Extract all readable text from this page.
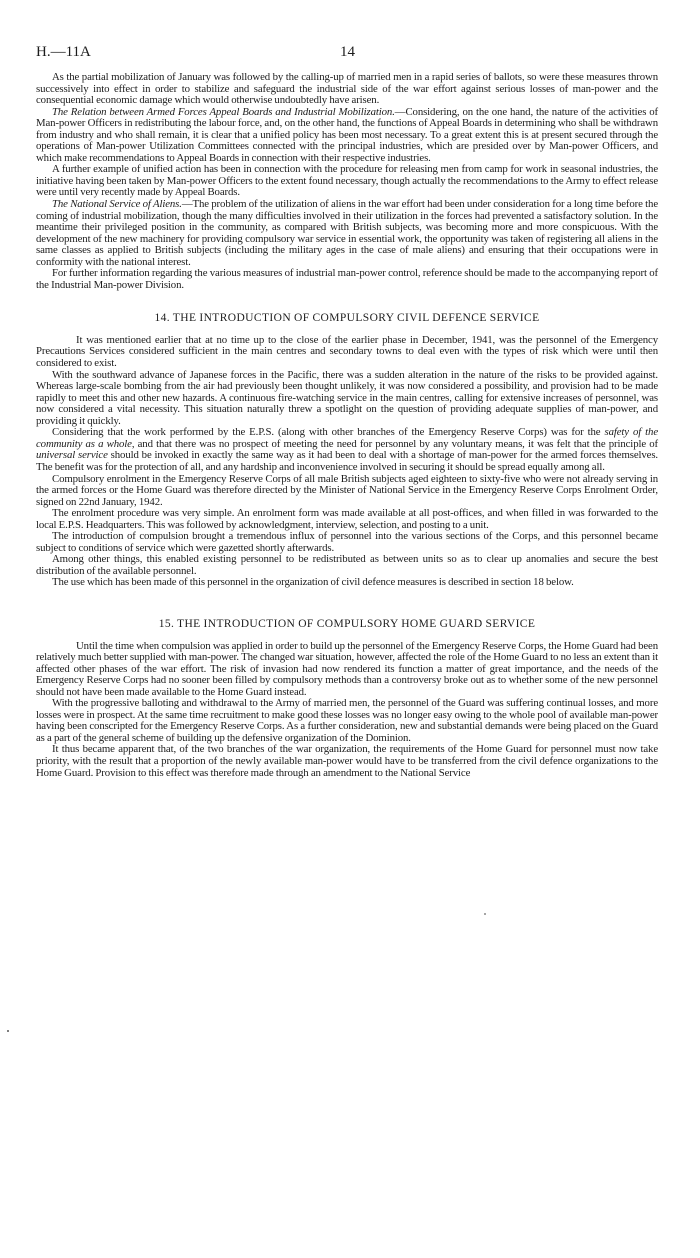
H.—11A	14

As the partial mobilization of January was followed by the calling-up of married men in a rapid series of ballots, so were these measures thrown successively into effect in order to stabilize and safeguard the industrial side of the war effort against serious losses of man-power and the consequential economic damage which would otherwise undoubtedly have arisen.

The Relation between Armed Forces Appeal Boards and Industrial Mobilization.—Considering, on the one hand, the nature of the activities of Man-power Officers in redistributing the labour force, and, on the other hand, the functions of Appeal Boards in determining who shall be withdrawn from industry and who shall remain, it is clear that a unified policy has been most necessary. To a great extent this is at present secured through the operations of Man-power Utilization Committees connected with the principal industries, which are presided over by Man-power Officers, and which make recommendations to Appeal Boards in connection with their respective industries.

A further example of unified action has been in connection with the procedure for releasing men from camp for work in seasonal industries, the initiative having been taken by Man-power Officers to the extent found necessary, though actually the recommendations to the Army to effect release were until very recently made by Appeal Boards.

The National Service of Aliens.—The problem of the utilization of aliens in the war effort had been under consideration for a long time before the coming of industrial mobilization, though the many difficulties involved in their utilization in the forces had prevented a satisfactory solution. In the meantime their privileged position in the community, as compared with British subjects, was becoming more and more conspicuous. With the development of the new machinery for providing compulsory war service in essential work, the opportunity was taken of registering all aliens in the same classes as applied to British subjects (including the military ages in the case of male aliens) and ensuring that their occupations were in conformity with the national interest.

For further information regarding the various measures of industrial man-power control, reference should be made to the accompanying report of the Industrial Man-power Division.

14. THE INTRODUCTION OF COMPULSORY CIVIL DEFENCE SERVICE

It was mentioned earlier that at no time up to the close of the earlier phase in December, 1941, was the personnel of the Emergency Precautions Services considered sufficient in the main centres and secondary towns to deal even with the types of risk which were until then considered to exist.

With the southward advance of Japanese forces in the Pacific, there was a sudden alteration in the nature of the risks to be provided against. Whereas large-scale bombing from the air had previously been thought unlikely, it was now considered a possibility, and provision had to be made rapidly to meet this and other new hazards. A continuous fire-watching service in the main centres, calling for extensive increases of personnel, was now considered a vital necessity. This situation naturally threw a spotlight on the question of providing adequate supplies of man-power, and providing it quickly.

Considering that the work performed by the E.P.S. (along with other branches of the Emergency Reserve Corps) was for the safety of the community as a whole, and that there was no prospect of meeting the need for personnel by any voluntary means, it was felt that the principle of universal service should be invoked in exactly the same way as it had been to deal with a shortage of man-power for the armed forces themselves. The benefit was for the protection of all, and any hardship and inconvenience involved in securing it should be spread equally among all.

Compulsory enrolment in the Emergency Reserve Corps of all male British subjects aged eighteen to sixty-five who were not already serving in the armed forces or the Home Guard was therefore directed by the Minister of National Service in the Emergency Reserve Corps Enrolment Order, signed on 22nd January, 1942.

The enrolment procedure was very simple. An enrolment form was made available at all post-offices, and when filled in was forwarded to the local E.P.S. Headquarters. This was followed by acknowledgment, interview, selection, and posting to a unit.

The introduction of compulsion brought a tremendous influx of personnel into the various sections of the Corps, and this personnel became subject to conditions of service which were gazetted shortly afterwards.

Among other things, this enabled existing personnel to be redistributed as between units so as to clear up anomalies and secure the best distribution of the available personnel.

The use which has been made of this personnel in the organization of civil defence measures is described in section 18 below.

15. THE INTRODUCTION OF COMPULSORY HOME GUARD SERVICE

Until the time when compulsion was applied in order to build up the personnel of the Emergency Reserve Corps, the Home Guard had been relatively much better supplied with man-power. The changed war situation, however, affected the role of the Home Guard to no less an extent than it affected other phases of the war effort. The risk of invasion had now rendered its function a matter of great importance, and the needs of the Emergency Reserve Corps had no sooner been filled by compulsory methods than a controversy broke out as to whether some of the new personnel should not have been made available to the Home Guard instead.

With the progressive balloting and withdrawal to the Army of married men, the personnel of the Guard was suffering continual losses, and more losses were in prospect. At the same time recruitment to make good these losses was no longer easy owing to the whole pool of available man-power having been conscripted for the Emergency Reserve Corps. As a further consideration, new and substantial demands were being placed on the Guard as a part of the general scheme of building up the defensive organization of the Dominion.

It thus became apparent that, of the two branches of the war organization, the requirements of the Home Guard for personnel must now take priority, with the result that a proportion of the newly available man-power would have to be transferred from the civil defence organizations to the Home Guard. Provision to this effect was therefore made through an amendment to the National Service
